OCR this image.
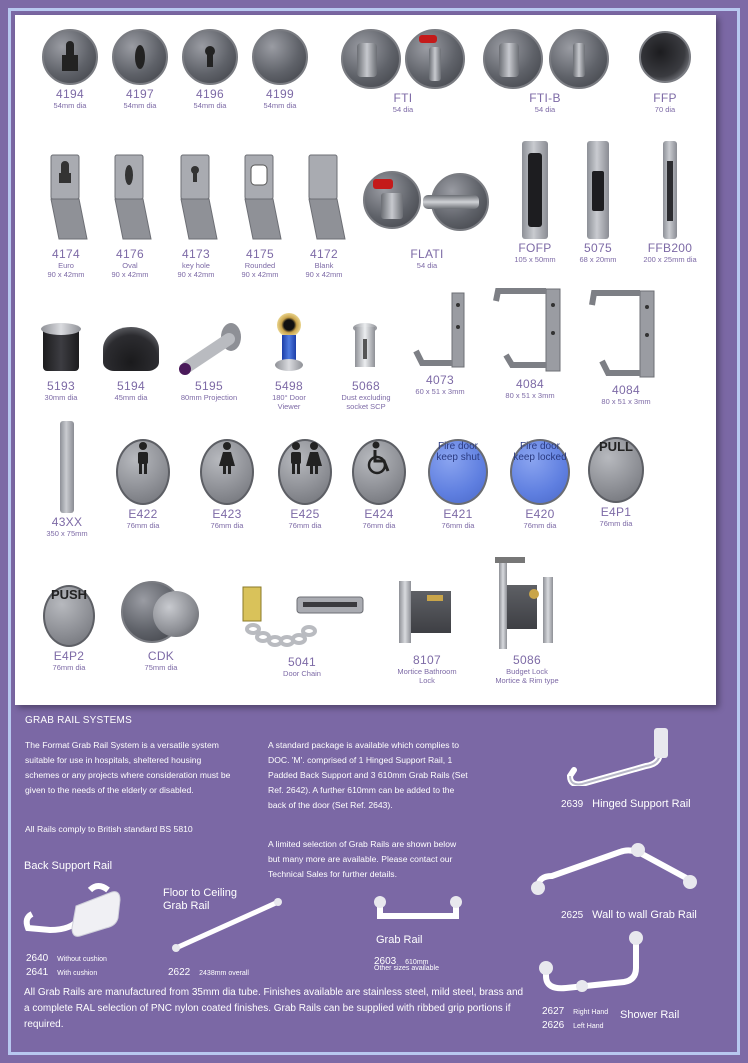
4194
54mm dia
4197
54mm dia
4196
54mm dia
4199
54mm dia
FTI
54 dia
FTI-B
54 dia
FFP
70 dia
4174
Euro
90 x 42mm
4176
Oval
90 x 42mm
4173
key hole
90 x 42mm
4175
Rounded
90 x 42mm
4172
Blank
90 x 42mm
FLATI
54 dia
FOFP
105 x 50mm
5075
68 x 20mm
FFB200
200 x 25mm dia
5193
30mm dia
5194
45mm dia
5195
80mm Projection
5498
180° Door
Viewer
5068
Dust excluding
socket SCP
4073
60 x 51 x 3mm
4084
80 x 51 x 3mm	4084
80 x 51 x 3mm
43XX
350 x 75mm
E422
76mm dia
E423
76mm dia
E425
76mm dia
E424
76mm dia
Fire door keep shut
E421
76mm dia
Fire door keep locked
E420
76mm dia
PULL
E4P1
76mm dia
PUSH
E4P2
76mm dia
CDK
75mm dia	5041
Door Chain
8107
Mortice Bathroom
Lock
5086
Budget Lock
Mortice & Rim type
GRAB RAIL SYSTEMS
The Format Grab Rail System is a versatile system suitable for use in hospitals, sheltered housing schemes or any projects where consideration must be given to the needs of the elderly or disabled.
All Rails comply to British standard BS 5810
A standard package is available which complies to DOC. 'M'. comprised of 1 Hinged Support Rail, 1 Padded Back Support and 3 610mm Grab Rails (Set Ref. 2642). A further 610mm can be added to the back of the door (Set Ref. 2643).
A limited selection of Grab Rails are shown below but many more are available. Please contact our Technical Sales for further details.
2639 Hinged Support Rail
2625 Wall to wall Grab Rail
Back Support Rail
2640 Without cushion
2641 With cushion
Floor to Ceiling
Grab Rail
2622 2438mm overall
Grab Rail
2603 610mm
Other sizes available
2627 Right Hand
2626 Left Hand
Shower Rail
All Grab Rails are manufactured from 35mm dia tube. Finishes available are stainless steel, mild steel, brass and a complete RAL selection of PNC nylon coated finishes. Grab Rails can be supplied with ribbed grip portions if required.
